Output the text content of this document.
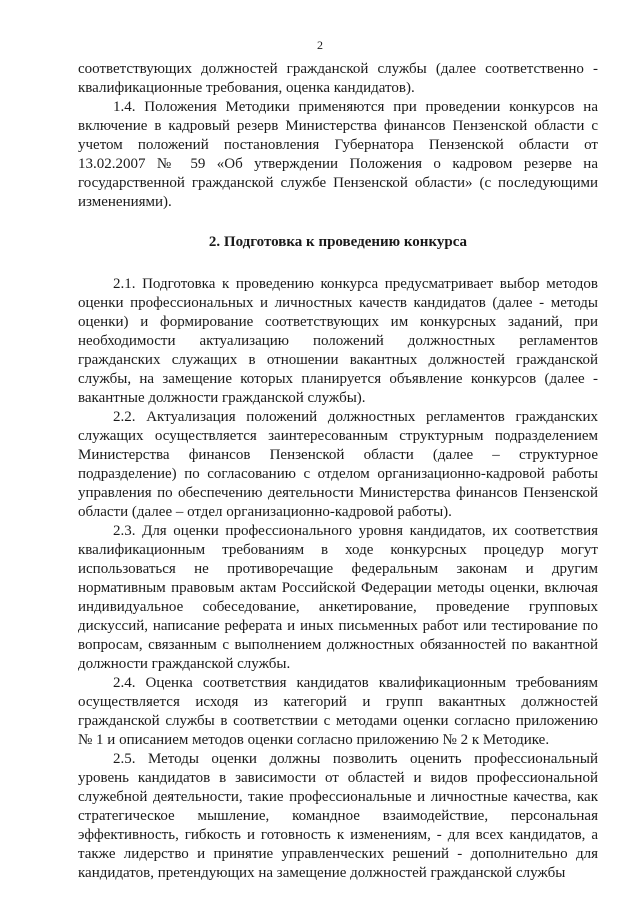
2

соответствующих должностей гражданской службы (далее соответственно - квалификационные требования, оценка кандидатов).

1.4. Положения Методики применяются при проведении конкурсов на включение в кадровый резерв Министерства финансов Пензенской области с учетом положений постановления Губернатора Пензенской области от 13.02.2007 № 59 «Об утверждении Положения о кадровом резерве на государственной гражданской службе Пензенской области» (с последующими изменениями).

2. Подготовка к проведению конкурса

2.1. Подготовка к проведению конкурса предусматривает выбор методов оценки профессиональных и личностных качеств кандидатов (далее - методы оценки) и формирование соответствующих им конкурсных заданий, при необходимости актуализацию положений должностных регламентов гражданских служащих в отношении вакантных должностей гражданской службы, на замещение которых планируется объявление конкурсов (далее - вакантные должности гражданской службы).

2.2. Актуализация положений должностных регламентов гражданских служащих осуществляется заинтересованным структурным подразделением Министерства финансов Пензенской области (далее – структурное подразделение) по согласованию с отделом организационно-кадровой работы управления по обеспечению деятельности Министерства финансов Пензенской области (далее – отдел организационно-кадровой работы).

2.3. Для оценки профессионального уровня кандидатов, их соответствия квалификационным требованиям в ходе конкурсных процедур могут использоваться не противоречащие федеральным законам и другим нормативным правовым актам Российской Федерации методы оценки, включая индивидуальное собеседование, анкетирование, проведение групповых дискуссий, написание реферата и иных письменных работ или тестирование по вопросам, связанным с выполнением должностных обязанностей по вакантной должности гражданской службы.

2.4. Оценка соответствия кандидатов квалификационным требованиям осуществляется исходя из категорий и групп вакантных должностей гражданской службы в соответствии с методами оценки согласно приложению № 1 и описанием методов оценки согласно приложению № 2 к Методике.

2.5. Методы оценки должны позволить оценить профессиональный уровень кандидатов в зависимости от областей и видов профессиональной служебной деятельности, такие профессиональные и личностные качества, как стратегическое мышление, командное взаимодействие, персональная эффективность, гибкость и готовность к изменениям, - для всех кандидатов, а также лидерство и принятие управленческих решений - дополнительно для кандидатов, претендующих на замещение должностей гражданской службы
